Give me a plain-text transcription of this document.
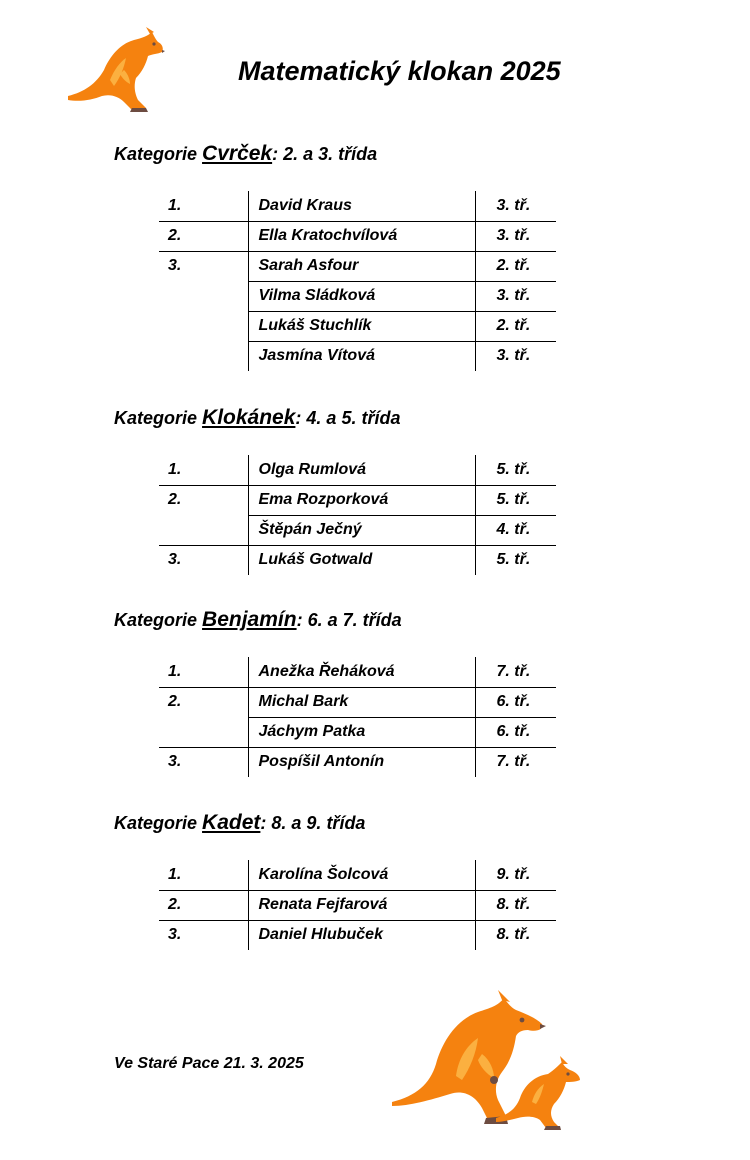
Matematický klokan 2025
Kategorie Cvrček: 2. a 3. třída
1.	David Kraus	3. tř.
2.	Ella Kratochvílová	3. tř.
3.	Sarah Asfour	2. tř.
	Vilma Sládková	3. tř.
	Lukáš Stuchlík	2. tř.
	Jasmína Vítová	3. tř.
Kategorie Klokánek: 4. a 5. třída
1.	Olga Rumlová	5. tř.
2.	Ema Rozporková	5. tř.
	Štěpán Ječný	4. tř.
3.	Lukáš Gotwald	5. tř.
Kategorie Benjamín: 6. a 7. třída
1.	Anežka Řeháková	7. tř.
2.	Michal Bark	6. tř.
	Jáchym Patka	6. tř.
3.	Pospíšil Antonín	7. tř.
Kategorie Kadet: 8. a 9. třída
1.	Karolína Šolcová	9. tř.
2.	Renata Fejfarová	8. tř.
3.	Daniel Hlubuček	8. tř.
Ve Staré Pace 21. 3. 2025
